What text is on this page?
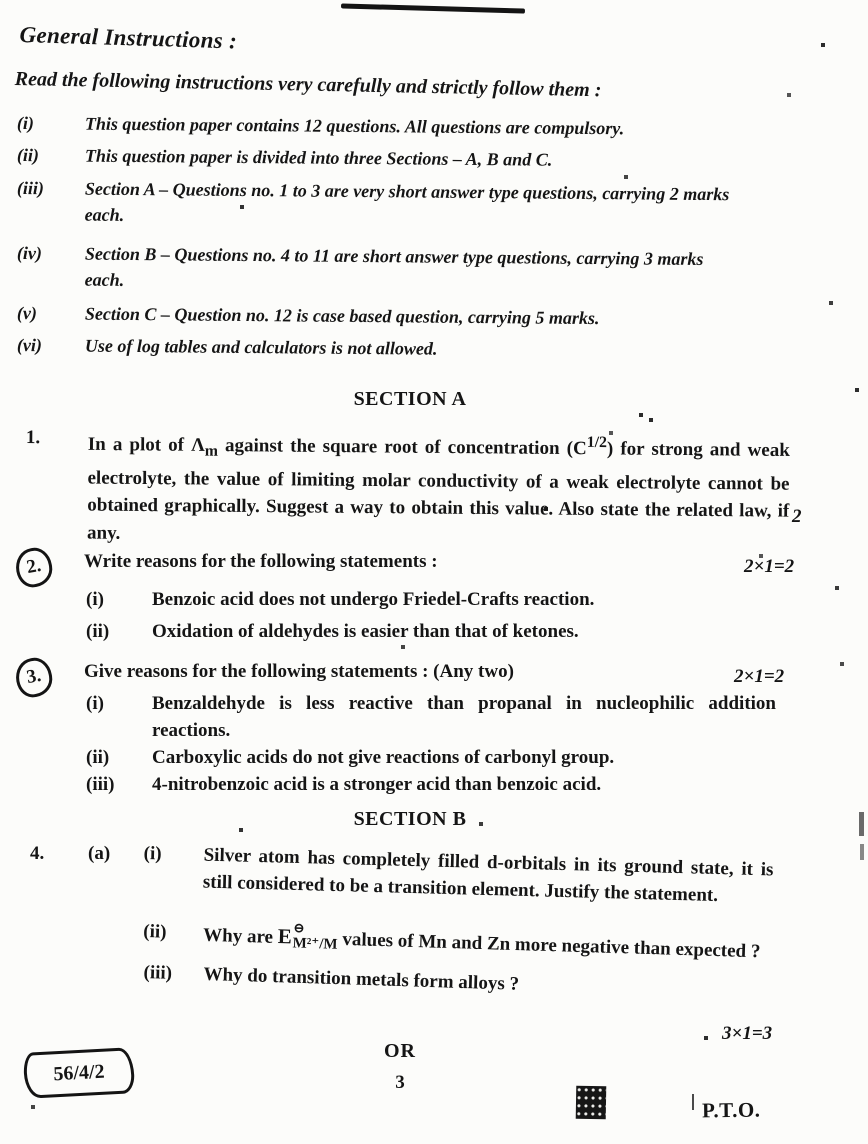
General Instructions :
Read the following instructions very carefully and strictly follow them :
(i)	This question paper contains 12 questions. All questions are compulsory.
(ii)	This question paper is divided into three Sections – A, B and C.
(iii)	Section A – Questions no. 1 to 3 are very short answer type questions, carrying 2 marks each.
(iv)	Section B – Questions no. 4 to 11 are short answer type questions, carrying 3 marks each.
(v)	Section C – Question no. 12 is case based question, carrying 5 marks.
(vi)	Use of log tables and calculators is not allowed.
SECTION A
1.	In a plot of $\Lambda_m$ against the square root of concentration $(C^{1/2})$ for strong and weak electrolyte, the value of limiting molar conductivity of a weak electrolyte cannot be obtained graphically. Suggest a way to obtain this value. Also state the related law, if any.
2
2.	Write reasons for the following statements :	2×1=2
(i)	Benzoic acid does not undergo Friedel-Crafts reaction.
(ii)	Oxidation of aldehydes is easier than that of ketones.
3.	Give reasons for the following statements : (Any two)	2×1=2
(i)	Benzaldehyde is less reactive than propanal in nucleophilic addition reactions.
(ii)	Carboxylic acids do not give reactions of carbonyl group.
(iii)	4-nitrobenzoic acid is a stronger acid than benzoic acid.
SECTION B
4.	(a)	(i)	Silver atom has completely filled d-orbitals in its ground state, it is still considered to be a transition element. Justify the statement.
(ii)	Why are E ⊖
M²⁺/M values of Mn and Zn more negative than expected ?
(iii)	Why do transition metals form alloys ?
3×1=3
OR
56/4/2	3
P.T.O.
